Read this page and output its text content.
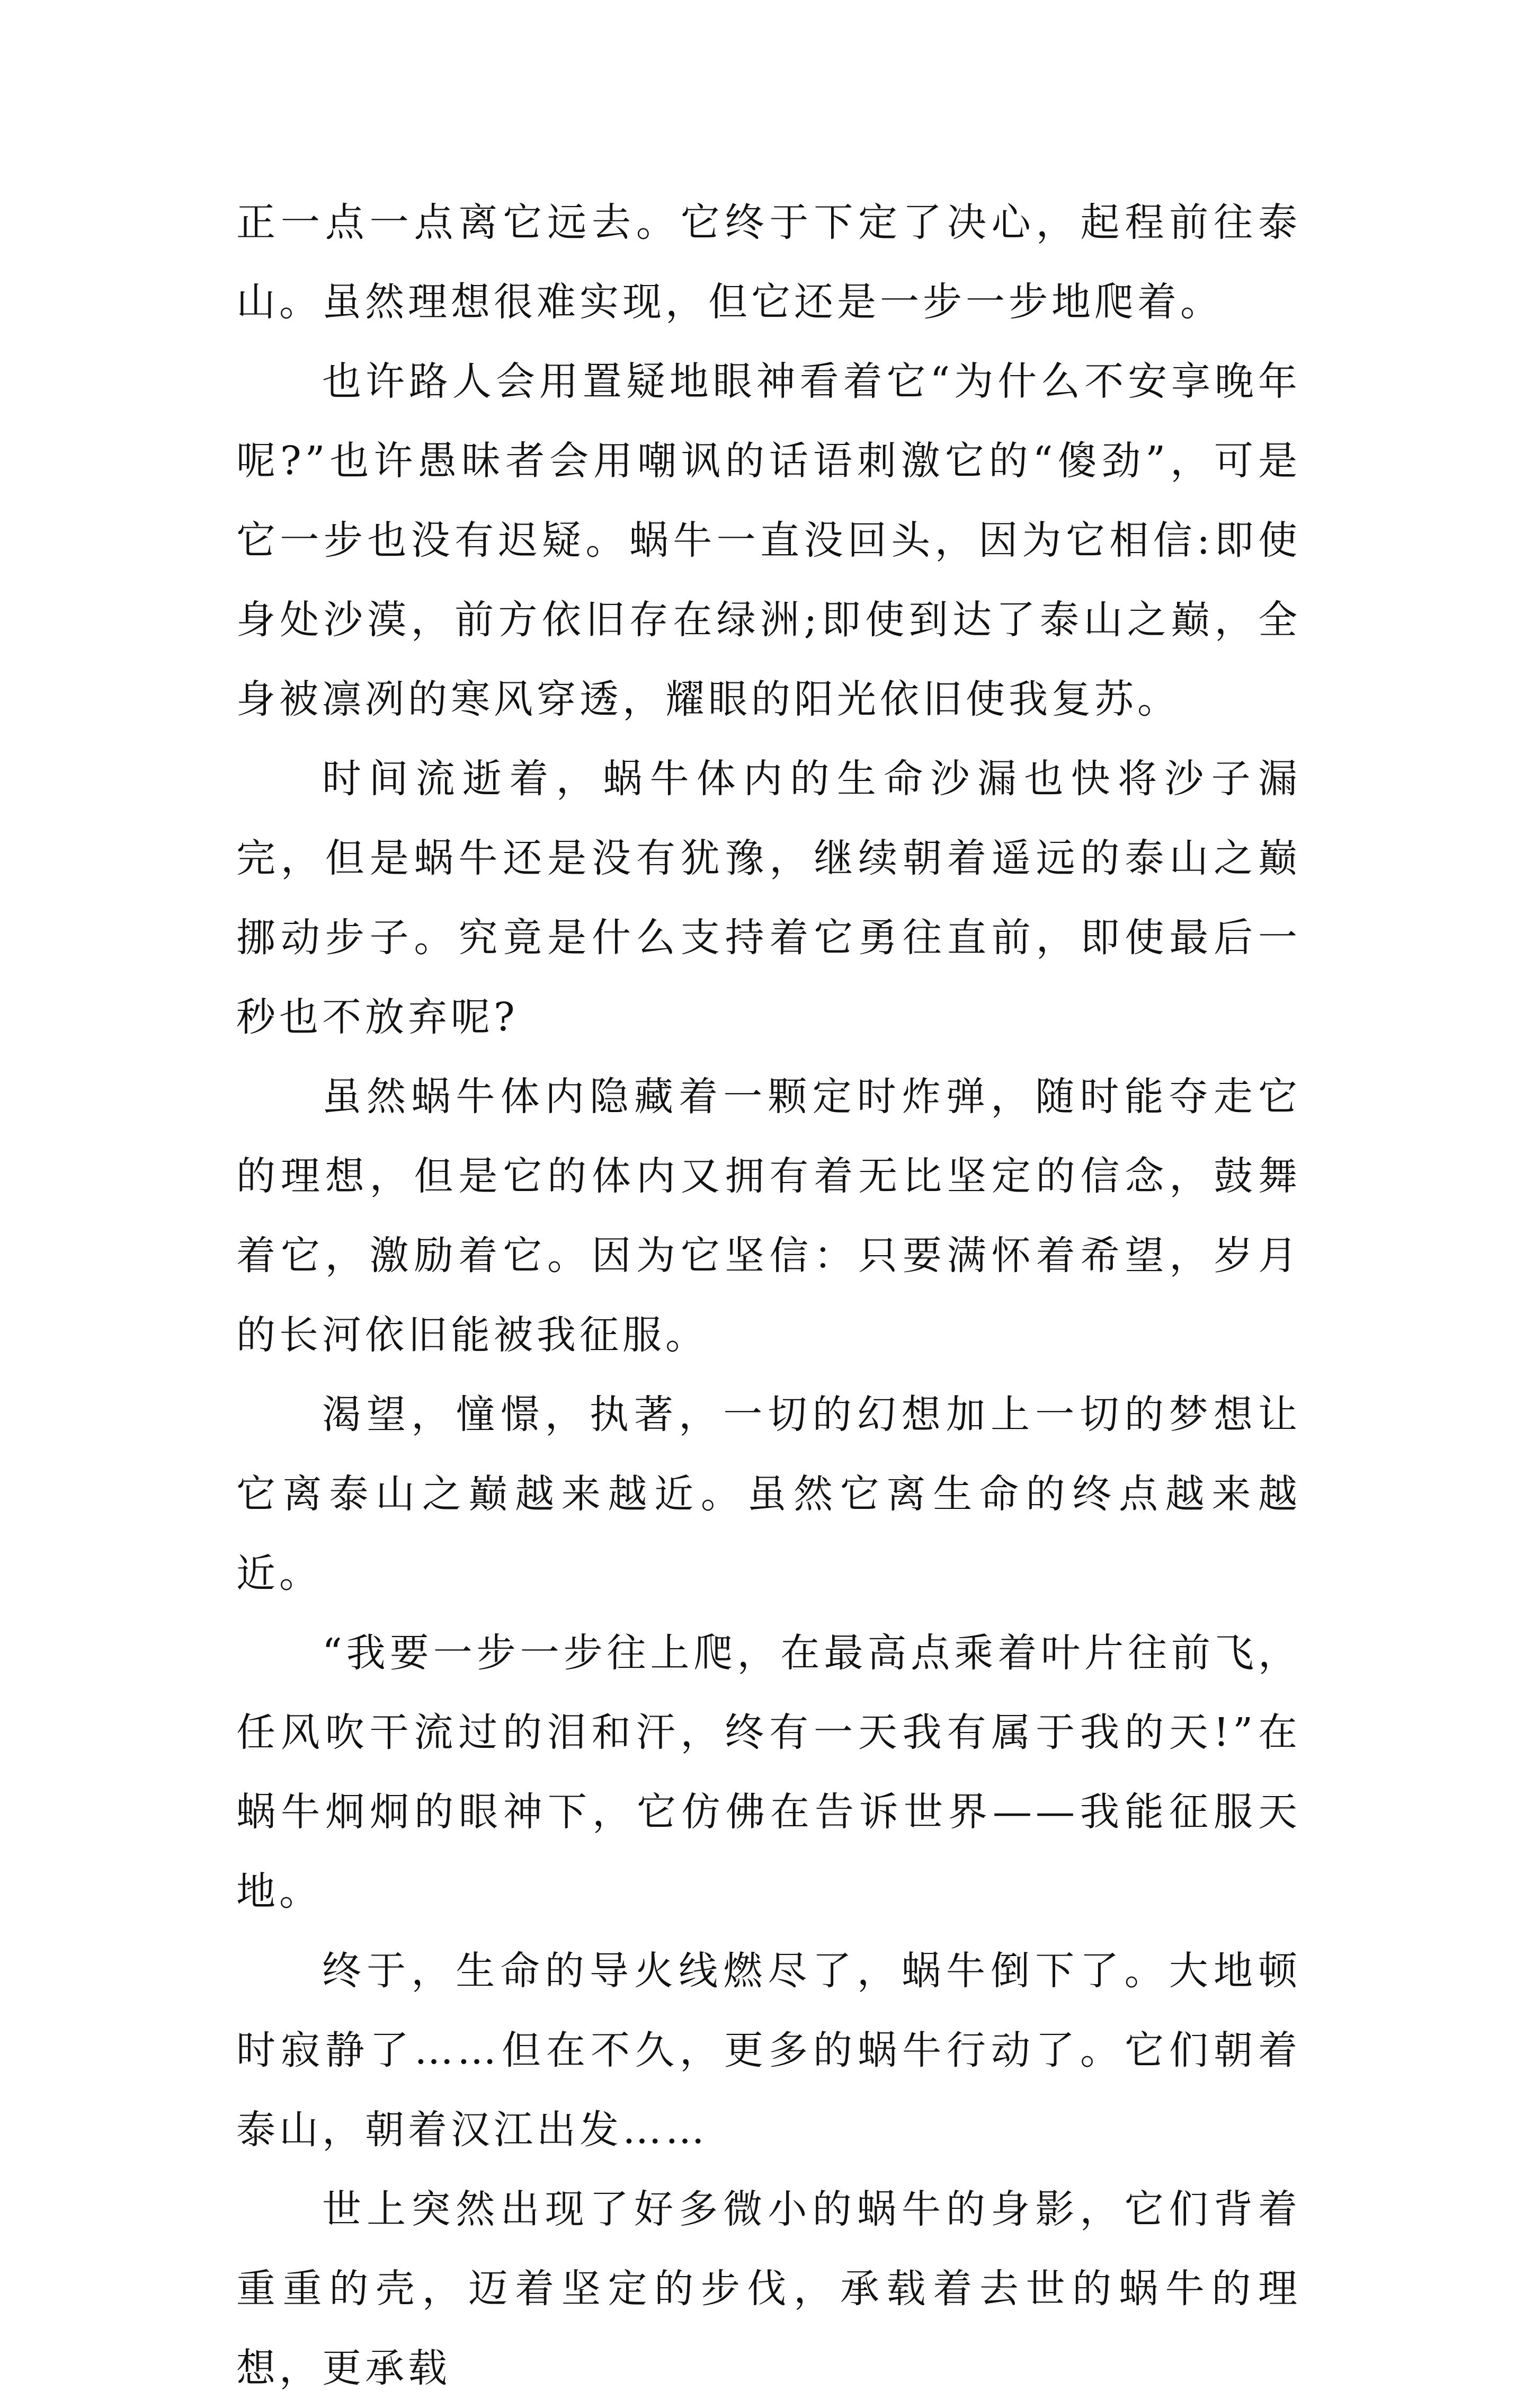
正一点一点离它远去。它终于下定了决心，起程前往泰山。虽然理想很难实现，但它还是一步一步地爬着。

也许路人会用置疑地眼神看着它“为什么不安享晚年呢?”也许愚昧者会用嘲讽的话语刺激它的“傻劲”，可是它一步也没有迟疑。蜗牛一直没回头，因为它相信:即使身处沙漠，前方依旧存在绿洲;即使到达了泰山之巅，全身被凛冽的寒风穿透，耀眼的阳光依旧使我复苏。

时间流逝着，蜗牛体内的生命沙漏也快将沙子漏完，但是蜗牛还是没有犹豫，继续朝着遥远的泰山之巅挪动步子。究竟是什么支持着它勇往直前，即使最后一秒也不放弃呢?

虽然蜗牛体内隐藏着一颗定时炸弹，随时能夺走它的理想，但是它的体内又拥有着无比坚定的信念，鼓舞着它，激励着它。因为它坚信：只要满怀着希望，岁月的长河依旧能被我征服。

渴望，憧憬，执著，一切的幻想加上一切的梦想让它离泰山之巅越来越近。虽然它离生命的终点越来越近。

“我要一步一步往上爬，在最高点乘着叶片往前飞，任风吹干流过的泪和汗，终有一天我有属于我的天!”在蜗牛炯炯的眼神下，它仿佛在告诉世界——我能征服天地。

终于，生命的导火线燃尽了，蜗牛倒下了。大地顿时寂静了……但在不久，更多的蜗牛行动了。它们朝着泰山，朝着汉江出发……

世上突然出现了好多微小的蜗牛的身影，它们背着重重的壳，迈着坚定的步伐，承载着去世的蜗牛的理想，更承载
